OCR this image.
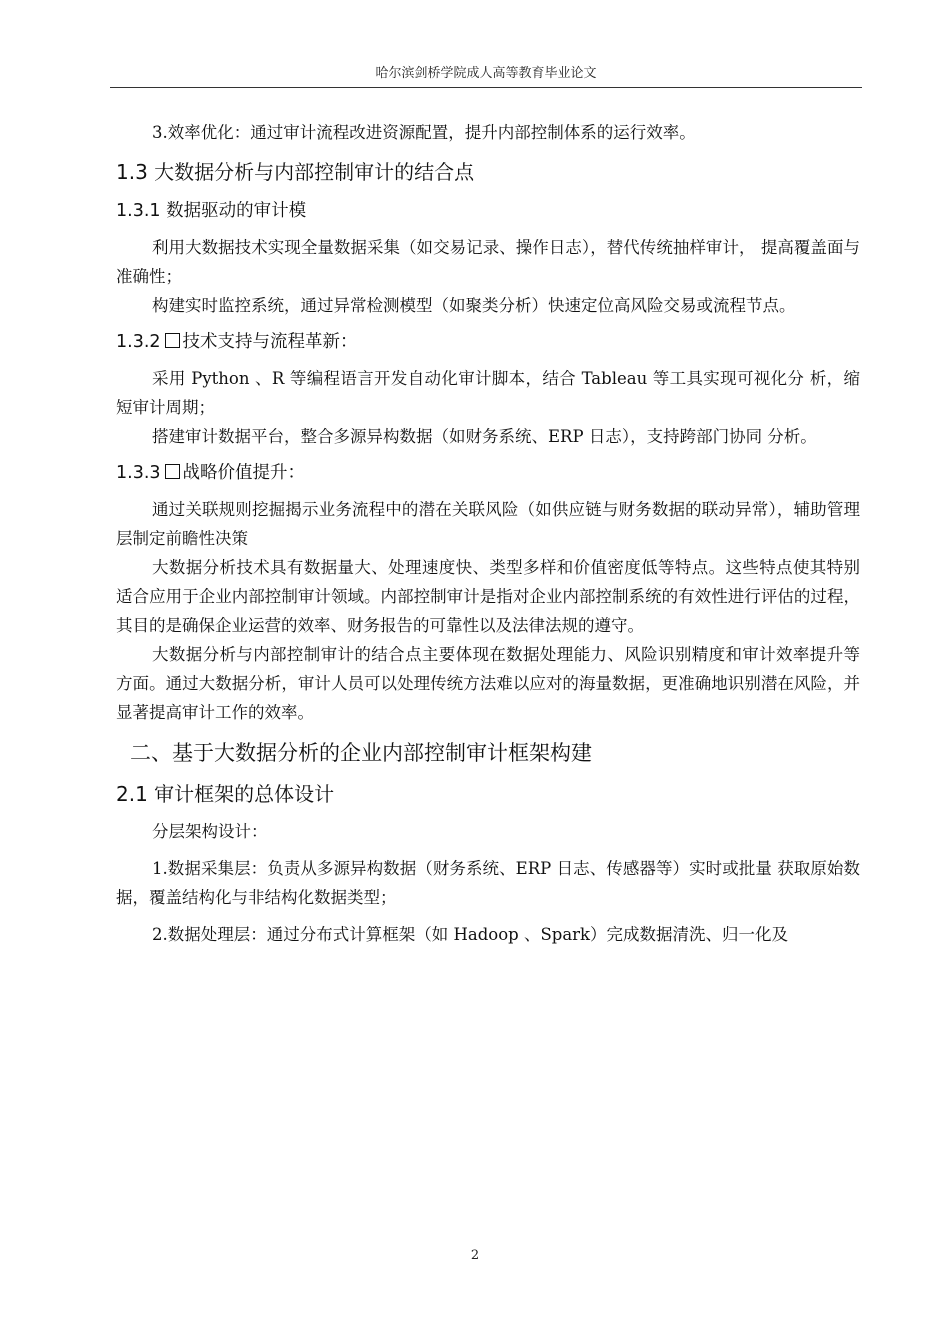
哈尔滨剑桥学院成人高等教育毕业论文

3.效率优化：通过审计流程改进资源配置，提升内部控制体系的运行效率。

1.3 大数据分析与内部控制审计的结合点
1.3.1 数据驱动的审计模

利用大数据技术实现全量数据采集（如交易记录、操作日志），替代传统抽样审计， 提高覆盖面与准确性；

构建实时监控系统，通过异常检测模型（如聚类分析）快速定位高风险交易或流程节点。

1.3.2 技术支持与流程革新：

采用 Python 、R 等编程语言开发自动化审计脚本，结合 Tableau 等工具实现可视化分 析，缩短审计周期；

搭建审计数据平台，整合多源异构数据（如财务系统、ERP 日志），支持跨部门协同 分析。

1.3.3 战略价值提升：

通过关联规则挖掘揭示业务流程中的潜在关联风险（如供应链与财务数据的联动异常），辅助管理层制定前瞻性决策

大数据分析技术具有数据量大、处理速度快、类型多样和价值密度低等特点。这些特点使其特别适合应用于企业内部控制审计领域。内部控制审计是指对企业内部控制系统的有效性进行评估的过程，其目的是确保企业运营的效率、财务报告的可靠性以及法律法规的遵守。

大数据分析与内部控制审计的结合点主要体现在数据处理能力、风险识别精度和审计效率提升等方面。通过大数据分析，审计人员可以处理传统方法难以应对的海量数据，更准确地识别潜在风险，并显著提高审计工作的效率。

二、基于大数据分析的企业内部控制审计框架构建
2.1 审计框架的总体设计

分层架构设计：

1.数据采集层：负责从多源异构数据（财务系统、ERP 日志、传感器等）实时或批量 获取原始数据，覆盖结构化与非结构化数据类型；

2.数据处理层：通过分布式计算框架（如 Hadoop 、Spark）完成数据清洗、归一化及

2
